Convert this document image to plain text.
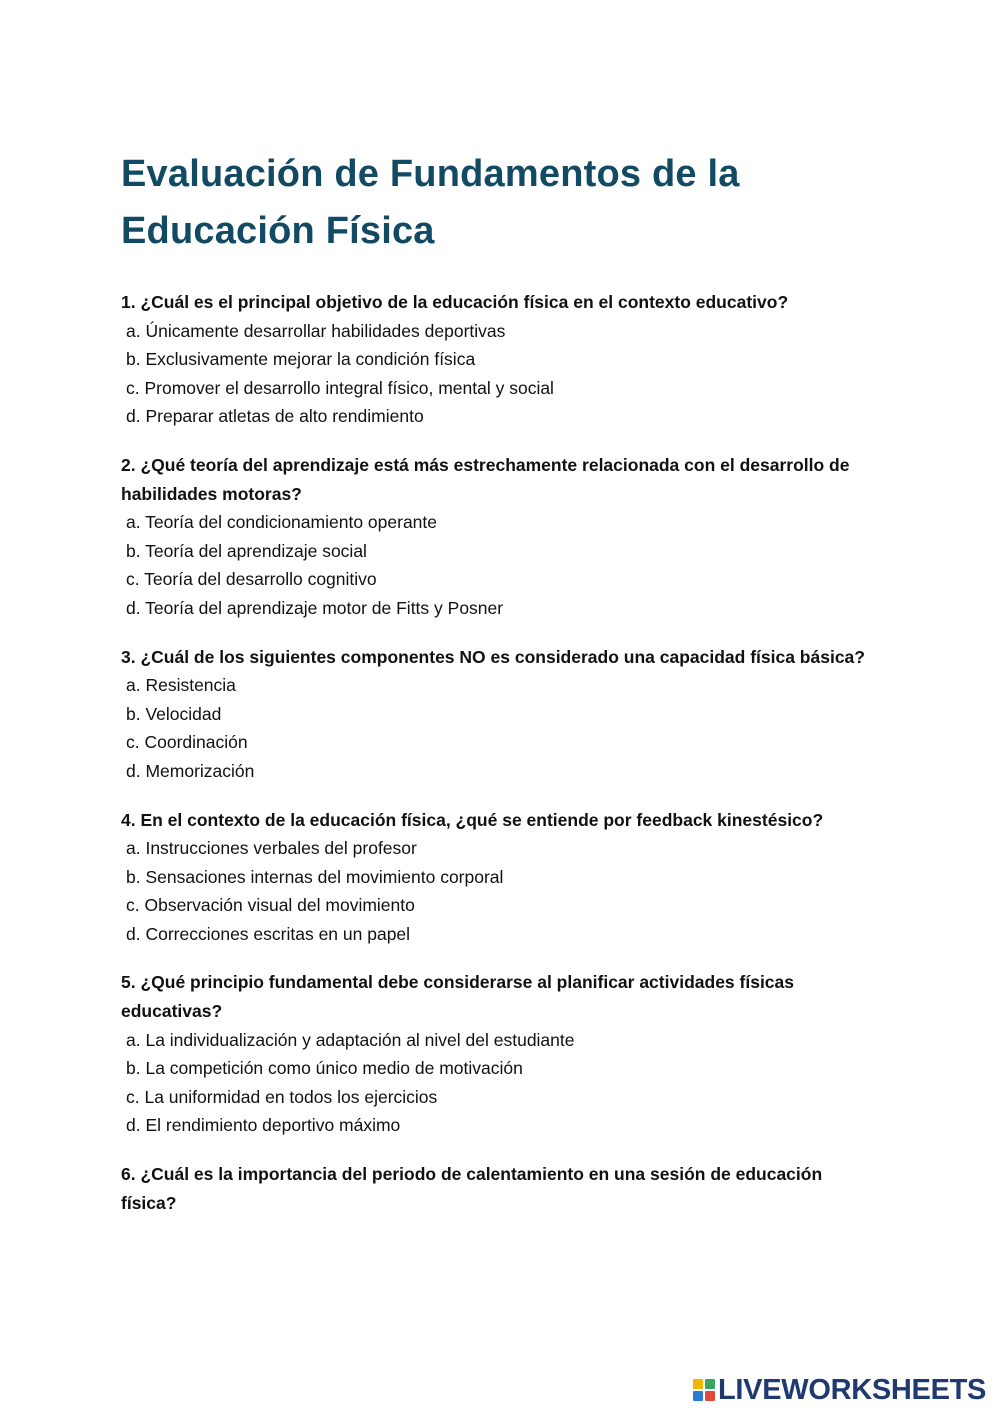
Evaluación de Fundamentos de la
Educación Física

1. ¿Cuál es el principal objetivo de la educación física en el contexto educativo?

a. Únicamente desarrollar habilidades deportivas
b. Exclusivamente mejorar la condición física
c. Promover el desarrollo integral físico, mental y social
d. Preparar atletas de alto rendimiento

2. ¿Qué teoría del aprendizaje está más estrechamente relacionada con el desarrollo de habilidades motoras?

a. Teoría del condicionamiento operante
b. Teoría del aprendizaje social
c. Teoría del desarrollo cognitivo
d. Teoría del aprendizaje motor de Fitts y Posner

3. ¿Cuál de los siguientes componentes NO es considerado una capacidad física básica?

a. Resistencia
b. Velocidad
c. Coordinación
d. Memorización

4. En el contexto de la educación física, ¿qué se entiende por feedback kinestésico?

a. Instrucciones verbales del profesor
b. Sensaciones internas del movimiento corporal
c. Observación visual del movimiento
d. Correcciones escritas en un papel

5. ¿Qué principio fundamental debe considerarse al planificar actividades físicas educativas?

a. La individualización y adaptación al nivel del estudiante
b. La competición como único medio de motivación
c. La uniformidad en todos los ejercicios
d. El rendimiento deportivo máximo

6. ¿Cuál es la importancia del periodo de calentamiento en una sesión de educación física?

LIVEWORKSHEETS
